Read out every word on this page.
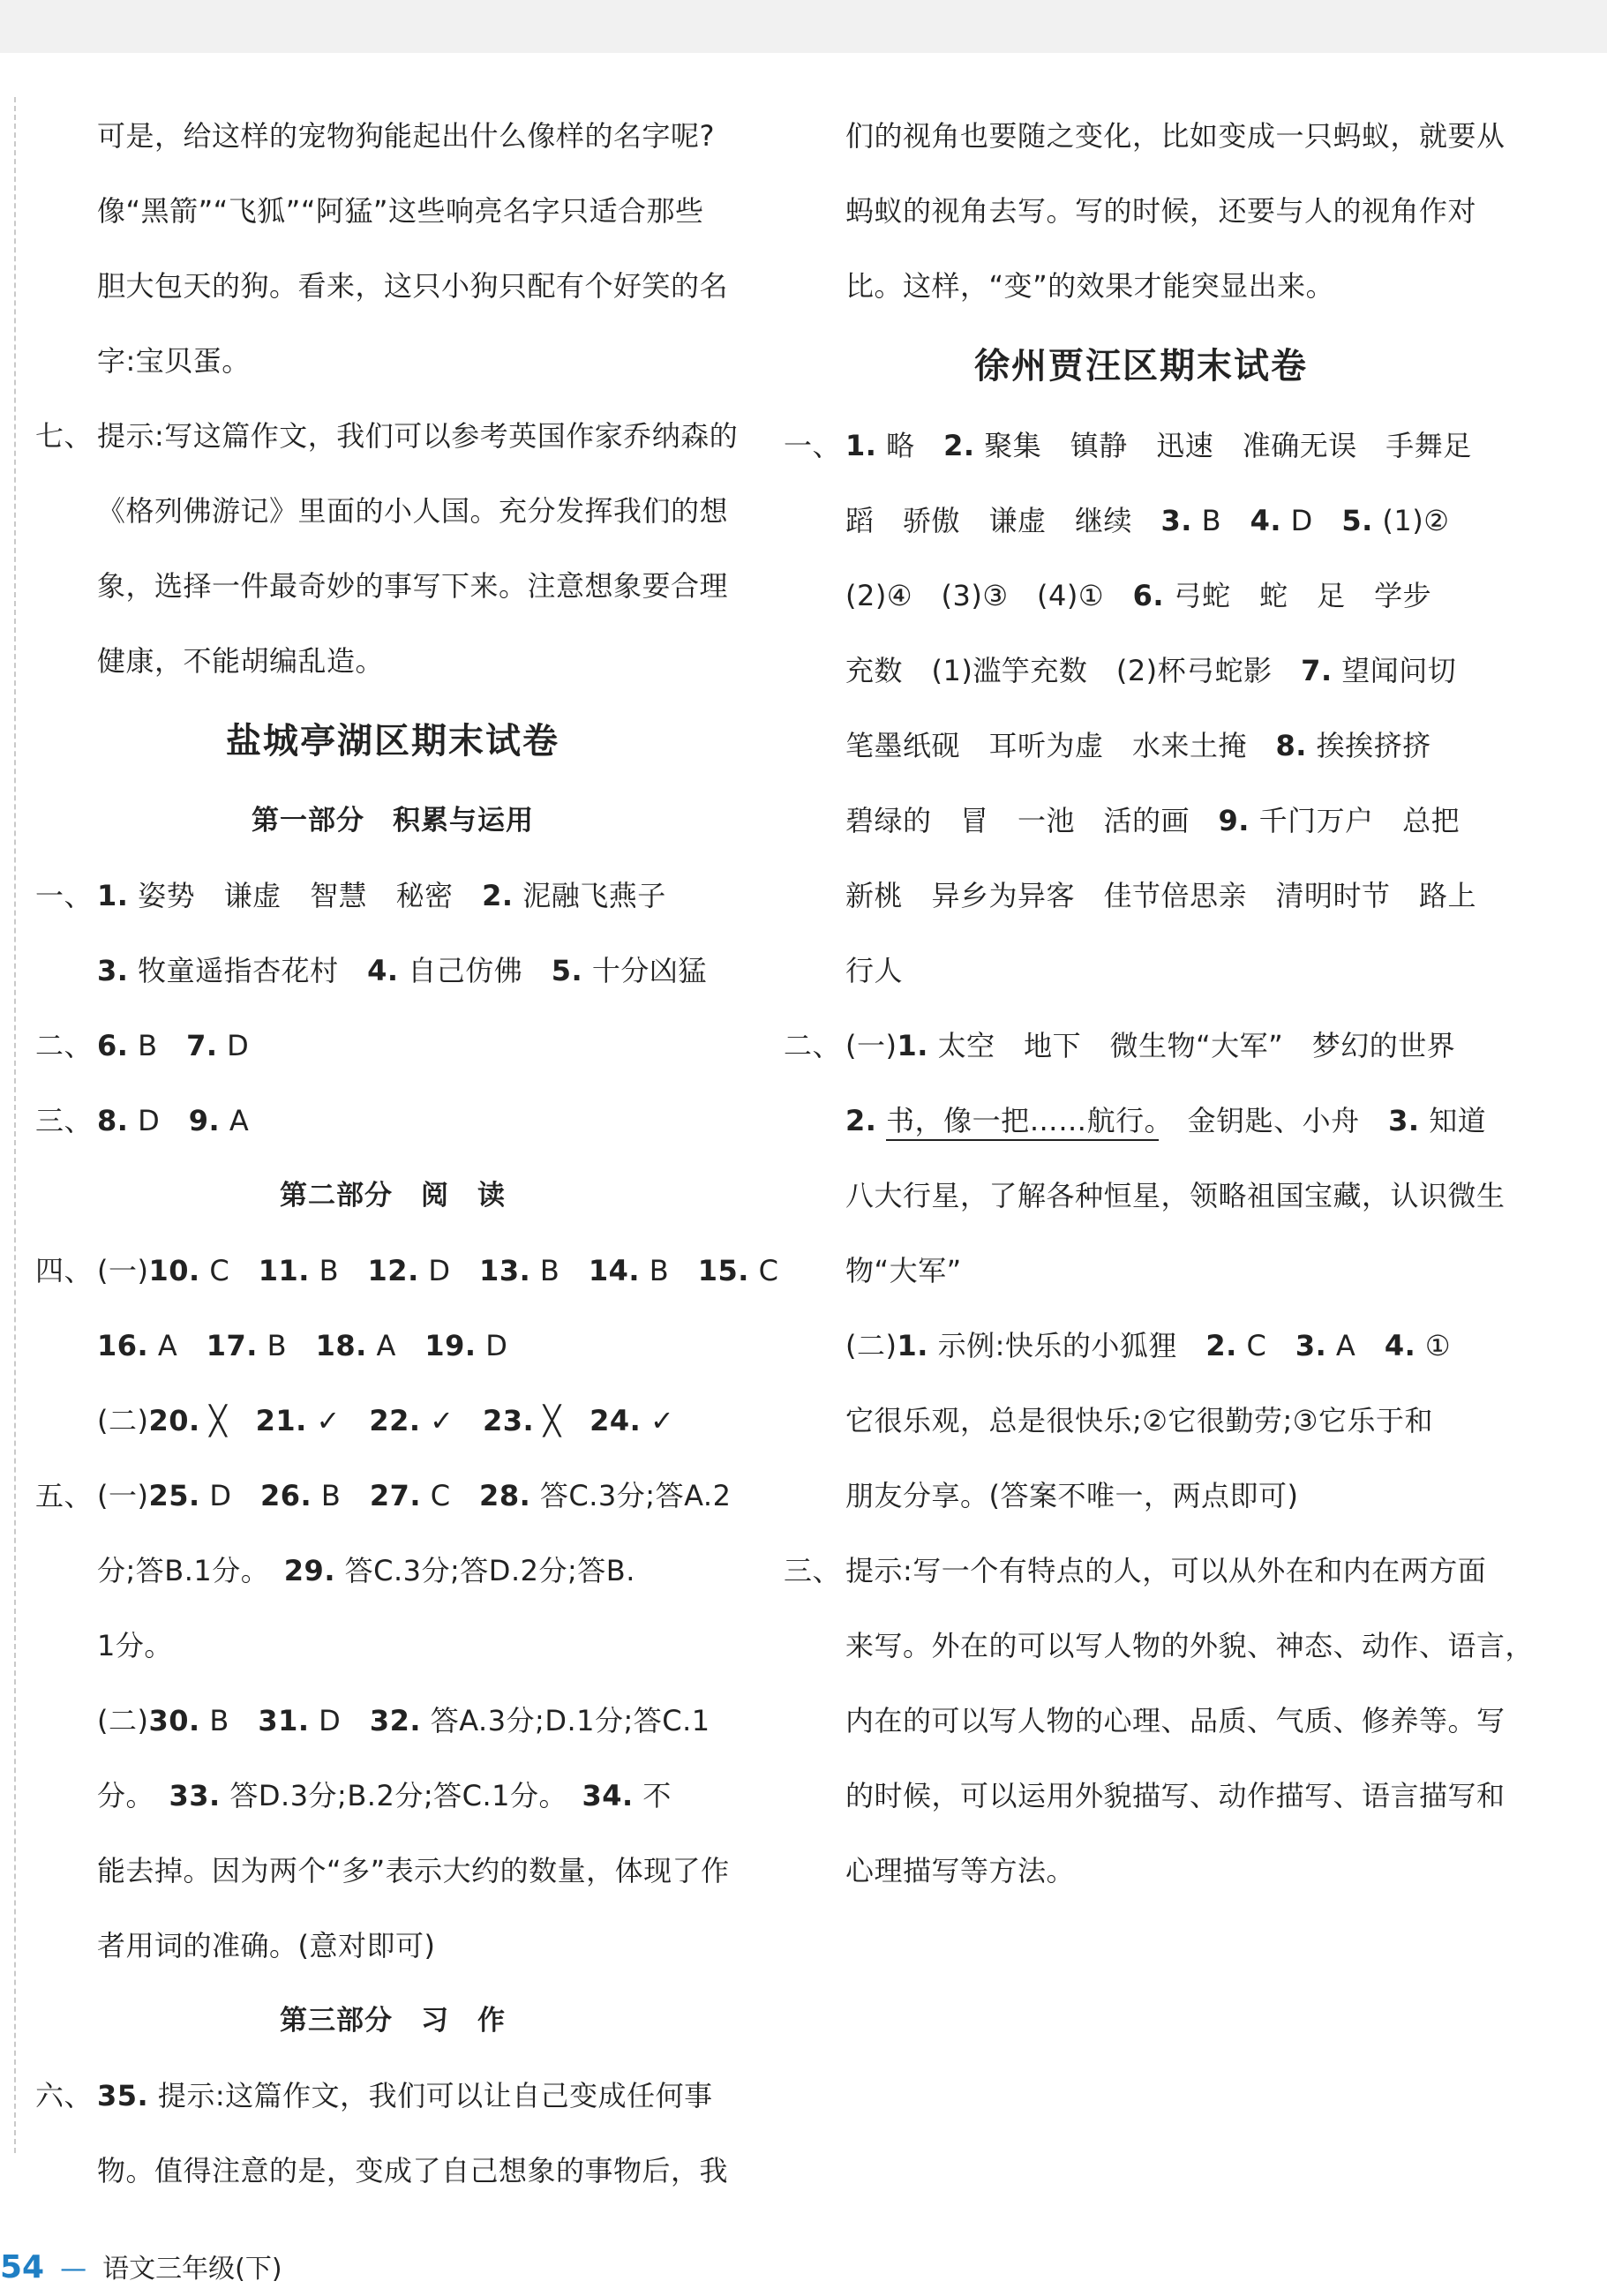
可是，给这样的宠物狗能起出什么像样的名字呢?
像“黑箭”“飞狐”“阿猛”这些响亮名字只适合那些
胆大包天的狗。看来，这只小狗只配有个好笑的名
字:宝贝蛋。
七、 提示:写这篇作文，我们可以参考英国作家乔纳森的
《格列佛游记》里面的小人国。充分发挥我们的想
象，选择一件最奇妙的事写下来。注意想象要合理
健康，不能胡编乱造。
盐城亭湖区期末试卷
第一部分　积累与运用
一、 1. 姿势　谦虚　智慧　秘密　2. 泥融飞燕子
3. 牧童遥指杏花村　4. 自己仿佛　5. 十分凶猛
二、 6. B　7. D
三、 8. D　9. A
第二部分　阅　读
四、 (一)10. C　11. B　12. D　13. B　14. B　15. C
16. A　17. B　18. A　19. D
(二)20. ╳　21. ✓　22. ✓　23. ╳　24. ✓
五、 (一)25. D　26. B　27. C　28. 答C.3分;答A.2
分;答B.1分。　29. 答C.3分;答D.2分;答B.
1分。
(二)30. B　31. D　32. 答A.3分;D.1分;答C.1
分。　33. 答D.3分;B.2分;答C.1分。　34. 不
能去掉。因为两个“多”表示大约的数量，体现了作
者用词的准确。(意对即可)
第三部分　习　作
六、 35. 提示:这篇作文，我们可以让自己变成任何事
物。值得注意的是，变成了自己想象的事物后，我
们的视角也要随之变化，比如变成一只蚂蚁，就要从
蚂蚁的视角去写。写的时候，还要与人的视角作对
比。这样，“变”的效果才能突显出来。
徐州贾汪区期末试卷
一、 1. 略　2. 聚集　镇静　迅速　准确无误　手舞足
蹈　骄傲　谦虚　继续　3. B　4. D　5. (1)②
(2)④　(3)③　(4)①　6. 弓蛇　蛇　足　学步
充数　(1)滥竽充数　(2)杯弓蛇影　7. 望闻问切
笔墨纸砚　耳听为虚　水来土掩　8. 挨挨挤挤
碧绿的　冒　一池　活的画　9. 千门万户　总把
新桃　异乡为异客　佳节倍思亲　清明时节　路上
行人
二、 (一)1. 太空　地下　微生物“大军”　梦幻的世界
2. 书，像一把……航行。　金钥匙、小舟　3. 知道
八大行星，了解各种恒星，领略祖国宝藏，认识微生
物“大军”
(二)1. 示例:快乐的小狐狸　2. C　3. A　4. ①
它很乐观，总是很快乐;②它很勤劳;③它乐于和
朋友分享。(答案不唯一，两点即可)
三、 提示:写一个有特点的人，可以从外在和内在两方面
来写。外在的可以写人物的外貌、神态、动作、语言，
内在的可以写人物的心理、品质、气质、修养等。写
的时候，可以运用外貌描写、动作描写、语言描写和
心理描写等方法。
54 — 语文三年级(下)
